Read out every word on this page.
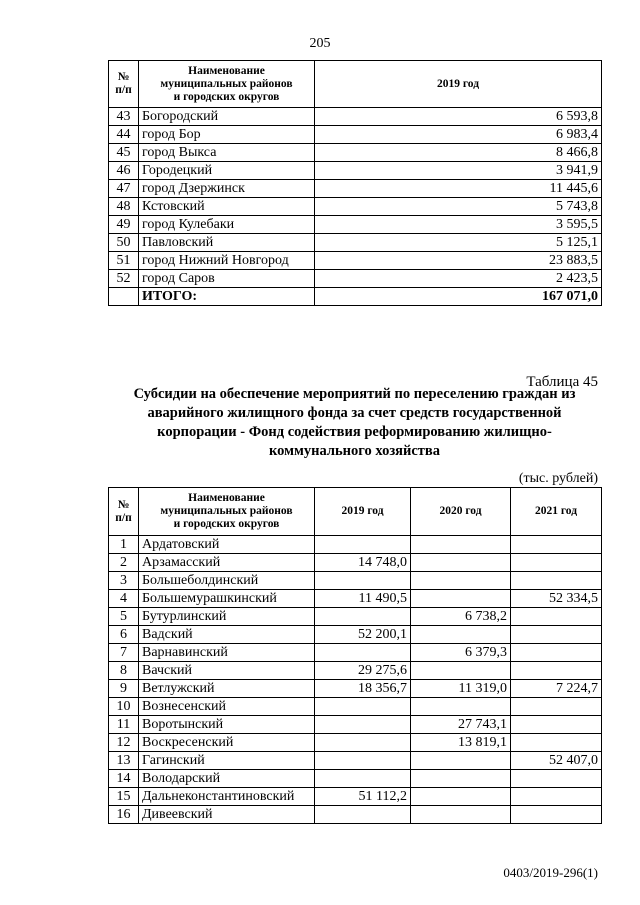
205
№
п/п	Наименование
муниципальных районов
и городских округов	2019 год
43	Богородский	6 593,8
44	город Бор	6 983,4
45	город Выкса	8 466,8
46	Городецкий	3 941,9
47	город Дзержинск	11 445,6
48	Кстовский	5 743,8
49	город Кулебаки	3 595,5
50	Павловский	5 125,1
51	город Нижний Новгород	23 883,5
52	город Саров	2 423,5
	ИТОГО:	167 071,0
Таблица 45
Субсидии на обеспечение мероприятий по переселению граждан из аварийного жилищного фонда за счет средств государственной корпорации - Фонд содействия реформированию жилищно-коммунального хозяйства
(тыс. рублей)
№
п/п	Наименование
муниципальных районов
и городских округов	2019 год	2020 год	2021 год
1	Ардатовский			
2	Арзамасский	14 748,0		
3	Большеболдинский			
4	Большемурашкинский	11 490,5		52 334,5
5	Бутурлинский		6 738,2	
6	Вадский	52 200,1		
7	Варнавинский		6 379,3	
8	Вачский	29 275,6		
9	Ветлужский	18 356,7	11 319,0	7 224,7
10	Вознесенский			
11	Воротынский		27 743,1	
12	Воскресенский		13 819,1	
13	Гагинский			52 407,0
14	Володарский			
15	Дальнеконстантиновский	51 112,2		
16	Дивеевский			
0403/2019-296(1)
